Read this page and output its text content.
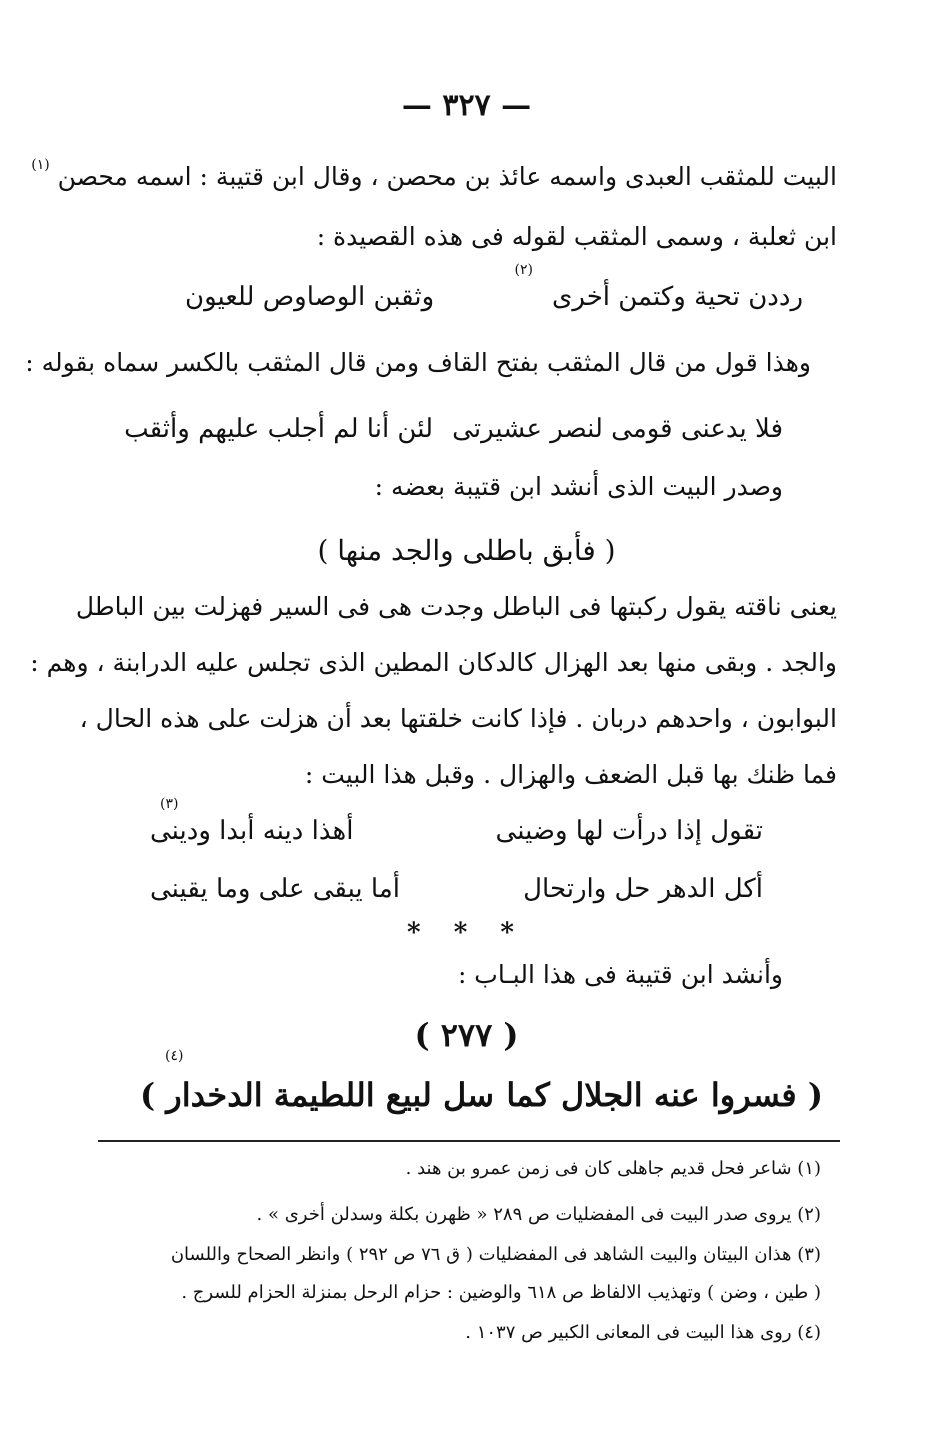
— ٣٢٧ —
البيت للمثقب العبدى واسمه عائذ بن محصن ، وقال ابن قتيبة : اسمه محصن $^{(١)}$
ابن ثعلبة ، وسمى المثقب لقوله فى هذه القصيدة :
رددن تحية وكتمن أخرى
(٢)
وثقبن الوصاوص للعيون
وهذا قول من قال المثقب بفتح القاف ومن قال المثقب بالكسر سماه بقوله :
لئن أنا لم أجلب عليهم وأثقب فلا يدعنى قومى لنصر عشيرتى
وصدر البيت الذى أنشد ابن قتيبة بعضه :
( فأبق باطلى والجد منها )
يعنى ناقته يقول ركبتها فى الباطل وجدت هى فى السير فهزلت بين الباطل
والجد . وبقى منها بعد الهزال كالدكان المطين الذى تجلس عليه الدرابنة ، وهم :
البوابون ، واحدهم دربان . فإذا كانت خلقتها بعد أن هزلت على هذه الحال ،
فما ظنك بها قبل الضعف والهزال . وقبل هذا البيت :
(٣)
تقول إذا درأت لها وضينى
أهذا دينه أبدا ودينى
أكل الدهر حل وارتحال
أما يبقى على وما يقينى
* * *
وأنشد ابن قتيبة فى هذا البـاب :
( ٢٧٧ )
(٤)
( فسروا عنه الجلال كما
سل لبيع اللطيمة الدخدار )
(١) شاعر فحل قديم جاهلى كان فى زمن عمرو بن هند .
(٢) يروى صدر البيت فى المفضليات ص ٢٨٩ « ظهرن بكلة وسدلن أخرى » .
(٣) هذان البيتان والبيت الشاهد فى المفضليات ( ق ٧٦ ص ٢٩٢ ) وانظر الصحاح واللسان
( طين ، وضن ) وتهذيب الالفاظ ص ٦١٨ والوضين : حزام الرحل بمنزلة الحزام للسرج .
(٤) روى هذا البيت فى المعانى الكبير ص ١٠٣٧ .
